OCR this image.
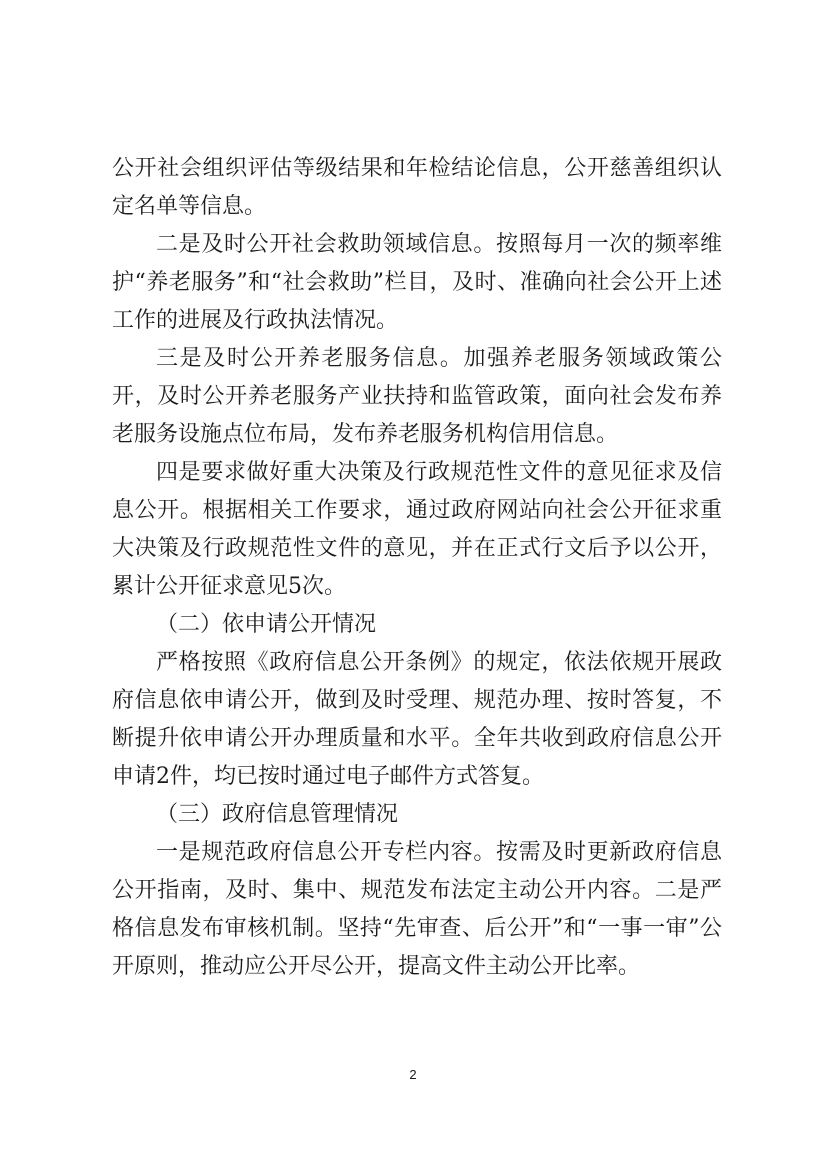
公开社会组织评估等级结果和年检结论信息，公开慈善组织认定名单等信息。

二是及时公开社会救助领域信息。按照每月一次的频率维护“养老服务”和“社会救助”栏目，及时、准确向社会公开上述工作的进展及行政执法情况。

三是及时公开养老服务信息。加强养老服务领域政策公开，及时公开养老服务产业扶持和监管政策，面向社会发布养老服务设施点位布局，发布养老服务机构信用信息。

四是要求做好重大决策及行政规范性文件的意见征求及信息公开。根据相关工作要求，通过政府网站向社会公开征求重大决策及行政规范性文件的意见，并在正式行文后予以公开，累计公开征求意见5次。

（二）依申请公开情况

严格按照《政府信息公开条例》的规定，依法依规开展政府信息依申请公开，做到及时受理、规范办理、按时答复，不断提升依申请公开办理质量和水平。全年共收到政府信息公开申请2件，均已按时通过电子邮件方式答复。

（三）政府信息管理情况

一是规范政府信息公开专栏内容。按需及时更新政府信息公开指南，及时、集中、规范发布法定主动公开内容。二是严格信息发布审核机制。坚持“先审查、后公开”和“一事一审”公开原则，推动应公开尽公开，提高文件主动公开比率。

2
